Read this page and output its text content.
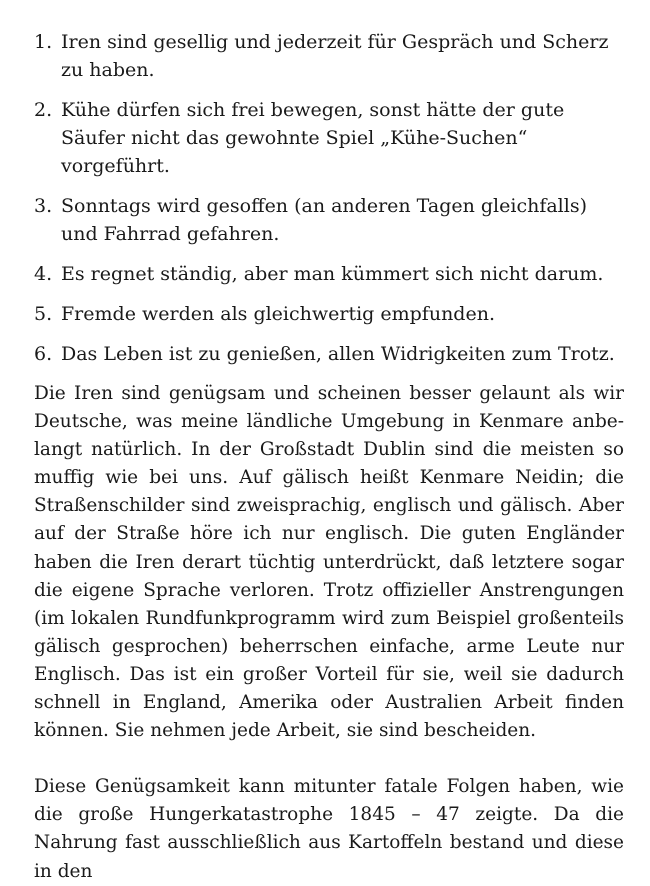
1. Iren sind gesellig und jederzeit für Gespräch und Scherz zu haben.
2. Kühe dürfen sich frei bewegen, sonst hätte der gute Säufer nicht das gewohnte Spiel „Kühe-Suchen“ vorgeführt.
3. Sonntags wird gesoffen (an anderen Tagen gleichfalls) und Fahrrad gefahren.
4. Es regnet ständig, aber man kümmert sich nicht darum.
5. Fremde werden als gleichwertig empfunden.
6. Das Leben ist zu genießen, allen Widrigkeiten zum Trotz.

Die Iren sind genügsam und scheinen besser gelaunt als wir Deutsche, was meine ländliche Umgebung in Kenmare anbelangt natürlich. In der Großstadt Dublin sind die meisten so muffig wie bei uns. Auf gälisch heißt Kenmare Neidin; die Straßenschilder sind zweisprachig, englisch und gälisch. Aber auf der Straße höre ich nur englisch. Die guten Engländer haben die Iren derart tüchtig unterdrückt, daß letztere sogar die eigene Sprache verloren. Trotz offizieller Anstrengungen (im lokalen Rundfunkprogramm wird zum Beispiel großenteils gälisch gesprochen) beherrschen einfache, arme Leute nur Englisch. Das ist ein großer Vorteil für sie, weil sie dadurch schnell in England, Amerika oder Australien Arbeit finden können. Sie nehmen jede Arbeit, sie sind bescheiden.

Diese Genügsamkeit kann mitunter fatale Folgen haben, wie die große Hungerkatastrophe 1845 – 47 zeigte. Da die Nahrung fast ausschließlich aus Kartoffeln bestand und diese in den
